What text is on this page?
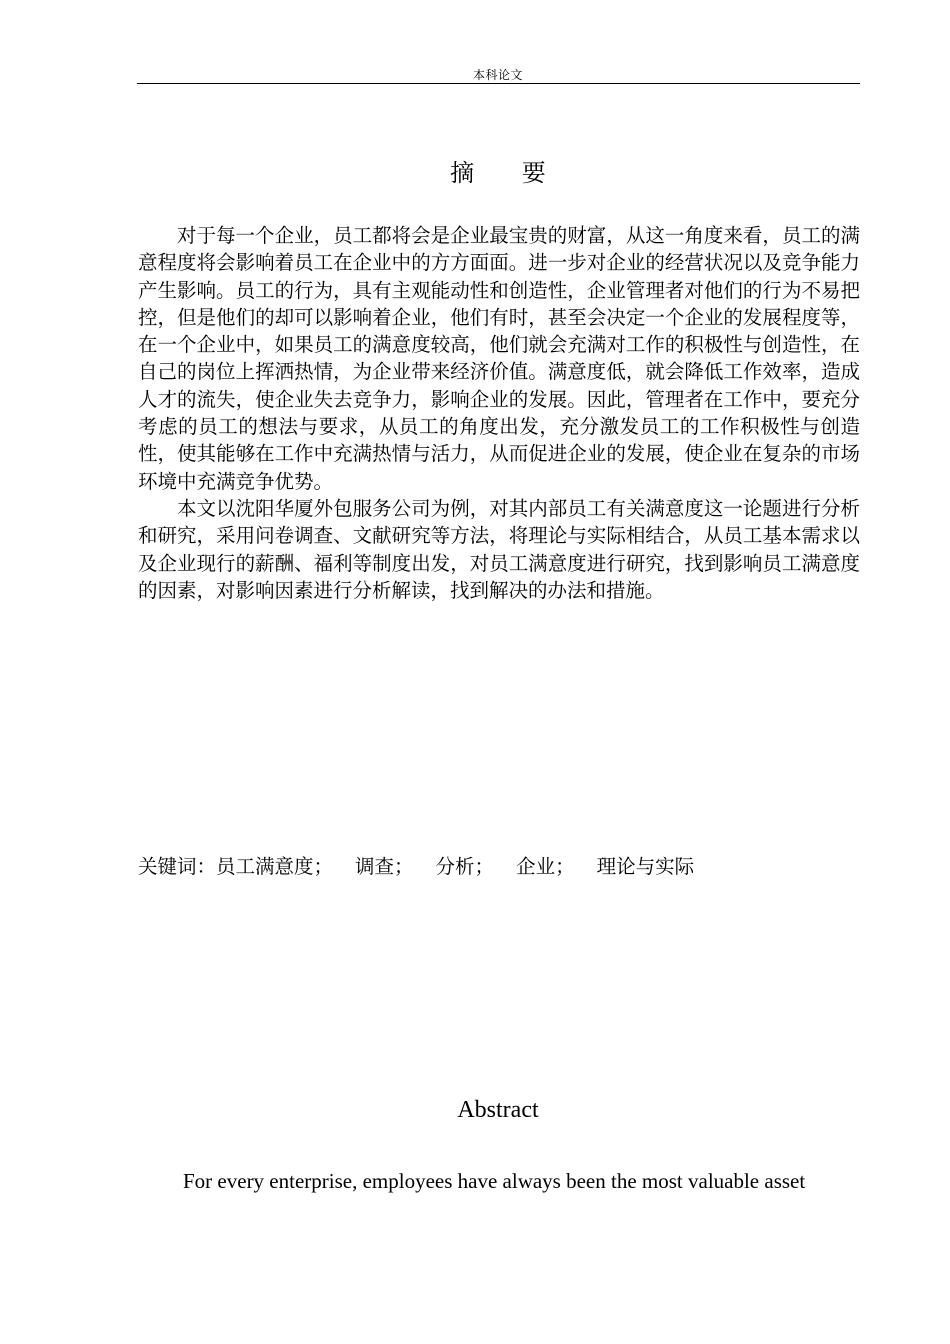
本科论文
摘 要

对于每一个企业，员工都将会是企业最宝贵的财富，从这一角度来看，员工的满意程度将会影响着员工在企业中的方方面面。进一步对企业的经营状况以及竞争能力产生影响。员工的行为，具有主观能动性和创造性，企业管理者对他们的行为不易把控，但是他们的却可以影响着企业，他们有时，甚至会决定一个企业的发展程度等，在一个企业中，如果员工的满意度较高，他们就会充满对工作的积极性与创造性，在自己的岗位上挥洒热情，为企业带来经济价值。满意度低，就会降低工作效率，造成人才的流失，使企业失去竞争力，影响企业的发展。因此，管理者在工作中，要充分考虑的员工的想法与要求，从员工的角度出发，充分激发员工的工作积极性与创造性，使其能够在工作中充满热情与活力，从而促进企业的发展，使企业在复杂的市场环境中充满竞争优势。

本文以沈阳华厦外包服务公司为例，对其内部员工有关满意度这一论题进行分析和研究，采用问卷调查、文献研究等方法，将理论与实际相结合，从员工基本需求以及企业现行的薪酬、福利等制度出发，对员工满意度进行研究，找到影响员工满意度的因素，对影响因素进行分析解读，找到解决的办法和措施。

关键词：员工满意度； 调查； 分析； 企业； 理论与实际
Abstract

For every enterprise, employees have always been the most valuable asset
